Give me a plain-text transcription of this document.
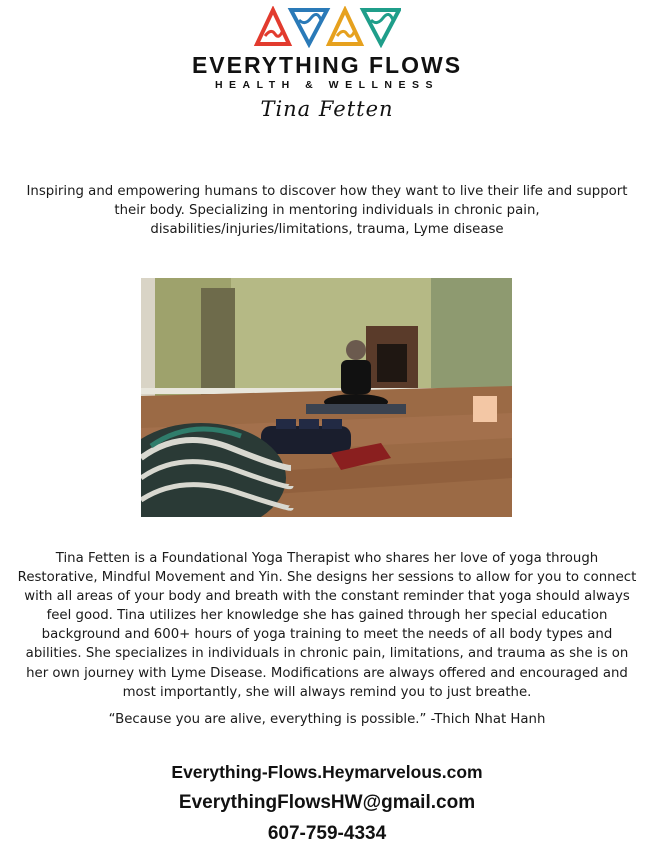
EVERYTHING FLOWS
HEALTH & WELLNESS
Tina Fetten
Inspiring and empowering humans to discover how they want to live their life and support their body. Specializing in mentoring individuals in chronic pain, disabilities/injuries/limitations, trauma, Lyme disease
Tina Fetten is a Foundational Yoga Therapist who shares her love of yoga through Restorative, Mindful Movement and Yin. She designs her sessions to allow for you to connect with all areas of your body and breath with the constant reminder that yoga should always feel good. Tina utilizes her knowledge she has gained through her special education background and 600+ hours of yoga training to meet the needs of all body types and abilities. She specializes in individuals in chronic pain, limitations, and trauma as she is on her own journey with Lyme Disease. Modifications are always offered and encouraged and most importantly, she will always remind you to just breathe.
“Because you are alive, everything is possible.” -Thich Nhat Hanh
Everything-Flows.Heymarvelous.com
EverythingFlowsHW@gmail.com
607-759-4334
